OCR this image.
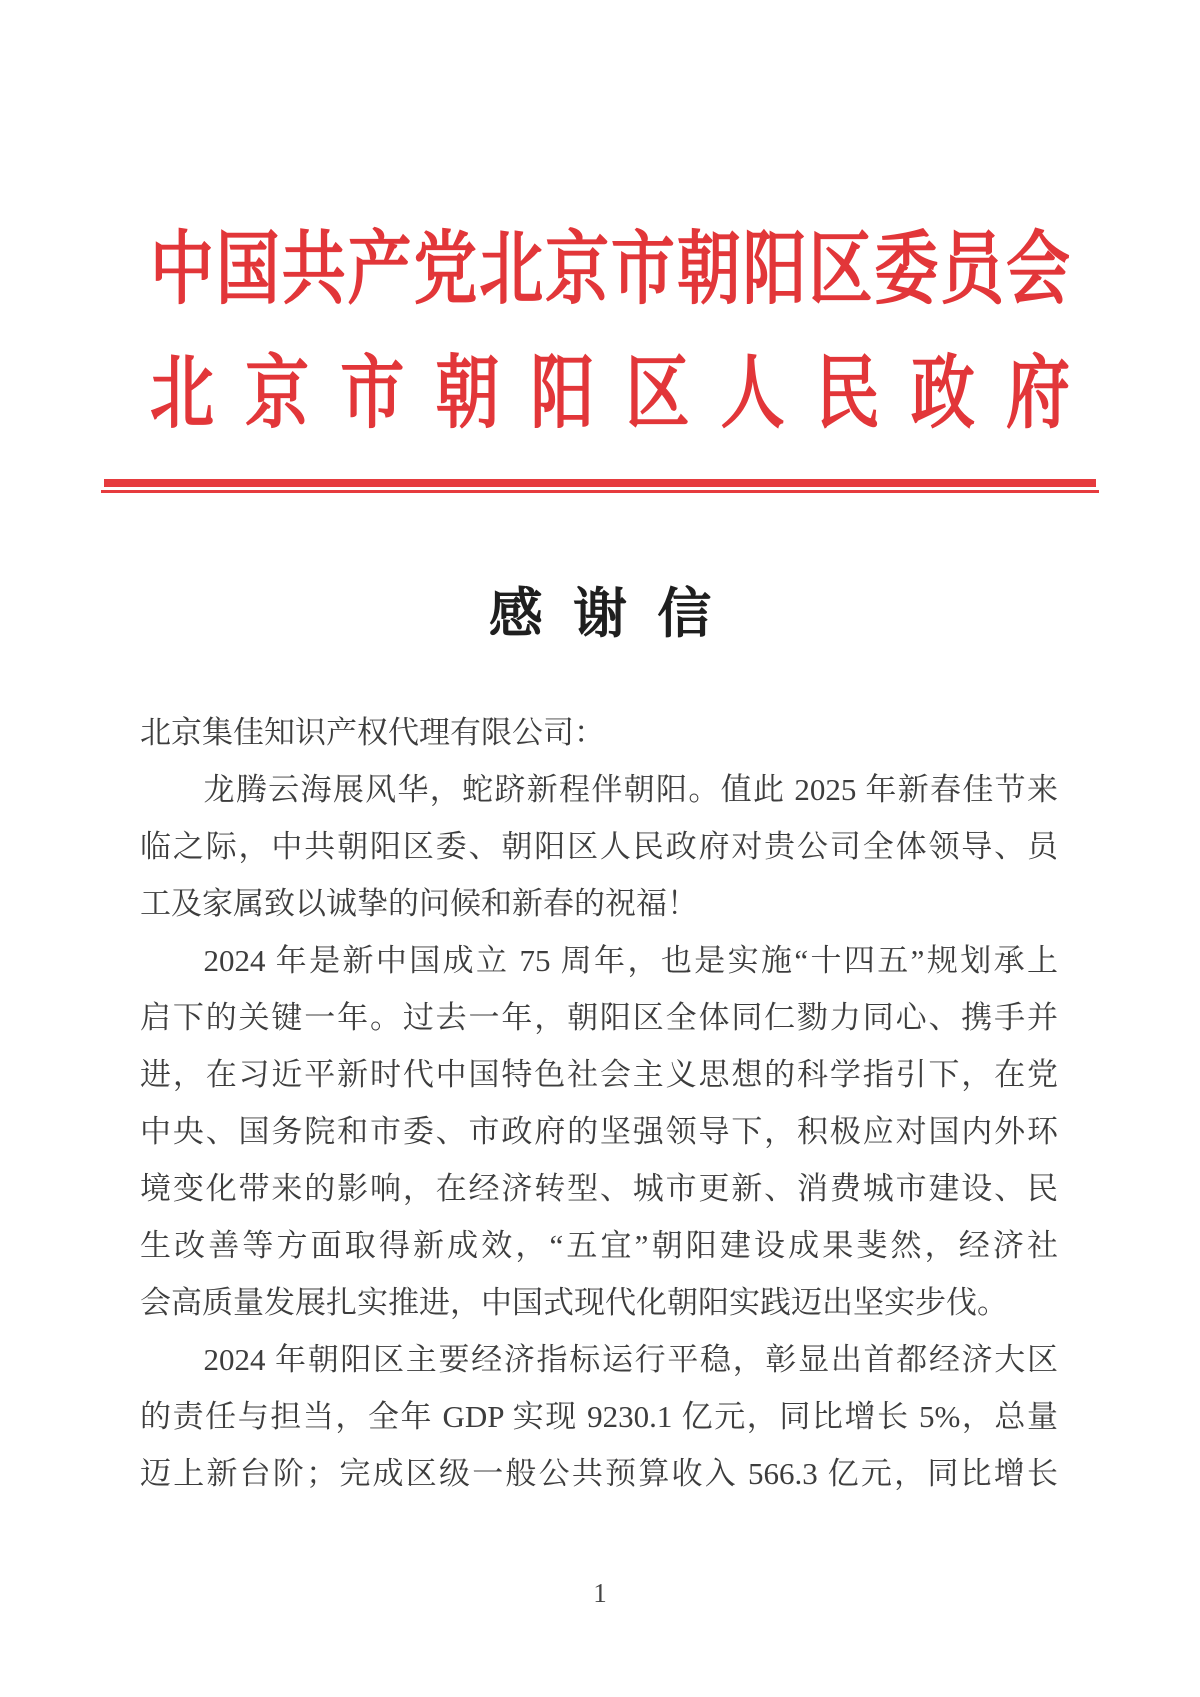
中国共产党北京市朝阳区委员会
北京市朝阳区人民政府
感谢信
北京集佳知识产权代理有限公司：
龙腾云海展风华，蛇跻新程伴朝阳。值此 2025 年新春佳节来
临之际，中共朝阳区委、朝阳区人民政府对贵公司全体领导、员
工及家属致以诚挚的问候和新春的祝福！
2024 年是新中国成立 75 周年，也是实施“十四五”规划承上
启下的关键一年。过去一年，朝阳区全体同仁勠力同心、携手并
进，在习近平新时代中国特色社会主义思想的科学指引下，在党
中央、国务院和市委、市政府的坚强领导下，积极应对国内外环
境变化带来的影响，在经济转型、城市更新、消费城市建设、民
生改善等方面取得新成效，“五宜”朝阳建设成果斐然，经济社
会高质量发展扎实推进，中国式现代化朝阳实践迈出坚实步伐。
2024 年朝阳区主要经济指标运行平稳，彰显出首都经济大区
的责任与担当，全年 GDP 实现 9230.1 亿元，同比增长 5%，总量
迈上新台阶；完成区级一般公共预算收入 566.3 亿元，同比增长
1
